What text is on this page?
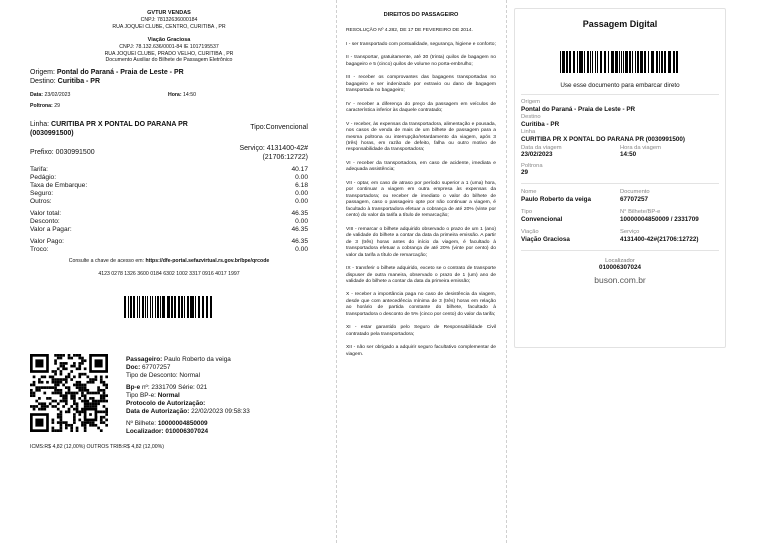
GVTUR VENDAS
CNPJ: 78132636000184
RUA JOQUEI CLUBE, CENTRO, CURITIBA , PR
Viação Graciosa
CNPJ: 78.132.636/0001-84 IE 1017195537
RUA JOQUEI CLUBE, PRADO VELHO, CURITIBA , PR
Documento Auxiliar do Bilhete de Passagem Eletrônico
Origem: Pontal do Paraná - Praia de Leste - PR
Destino: Curitiba - PR
Data: 23/02/2023	Hora: 14:50
Poltrona: 29
Linha: CURITIBA PR X PONTAL DO PARANA PR (0030991500)
Tipo:Convencional
Prefixo: 0030991500
Serviço: 4131400-42#
(21706:12722)
Tarifa:	40.17
Pedágio:	0.00
Taxa de Embarque:	6.18
Seguro:	0.00
Outros:	0.00
Valor total:	46.35
Desconto:	0.00
Valor a Pagar:	46.35
Valor Pago:	46.35
Troco:	0.00
Consulte a chave de acesso em: https://dfe-portal.sefazvirtual.rs.gov.br/bpe/qrcode
4123 0278 1326 3600 0184 6302 1002 3317 0916 4017 1997
Passageiro: Paulo Roberto da veiga
Doc: 67707257
Tipo de Desconto: Normal
Bp-e nº: 2331709 Série: 021
Tipo BP-e: Normal
Protocolo de Autorização:
Data de Autorização: 22/02/2023 09:58:33
Nº Bilhete: 10000004850009
Localizador: 010006307024
ICMS:R$ 4,82 (12,00%) OUTROS TRIB:R$ 4,82 (12,00%)
DIREITOS DO PASSAGEIRO
RESOLUÇÃO Nº 4.282, DE 17 DE FEVEREIRO DE 2014.
I - ser transportado com pontualidade, segurança, higiene e conforto;
II - transportar, gratuitamente, até 30 (trinta) quilos de bagagem no bagageiro e 5 (cinco) quilos de volume no porta-embrulho;
III - receber os comprovantes das bagagens transportadas no bagageiro e ser indenizado por extravio ou dano de bagagem transportada no bagageiro;
IV - receber a diferença do preço da passagem em veículos de característica inferior às daquele contratado;
V - receber, às expensas da transportadora, alimentação e pousada, nos casos de venda de mais de um bilhete de passagem para a mesma poltrona ou interrupção/retardamento da viagem, após 3 (três) horas, em razão de defeito, falha ou outro motivo de responsabilidade da transportadora;
VI - receber da transportadora, em caso de acidente, imediata e adequada assistência;
VII - optar, em caso de atraso por período superior a 1 (uma) hora, por continuar a viagem em outra empresa às expensas da transportadora; ou receber de imediato o valor do bilhete de passagem, caso o passageiro opte por não continuar a viagem, é facultado à transportadora efetuar a cobrança de até 20% (vinte por cento) do valor da tarifa a título de remarcação;
VIII - remarcar o bilhete adquirido observado o prazo de um 1 (ano) de validade do bilhete a contar da data da primeira emissão. A partir de 3 (três) horas antes do início da viagem, é facultado à transportadora efetuar a cobrança de até 20% (vinte por cento) do valor da tarifa a título de remarcação;
IX - transferir o bilhete adquirido, exceto se o contrato de transporte dispuser de outra maneira, observado o prazo de 1 (um) ano de validade do bilhete a contar da data da primeira emissão;
X - receber a importância paga no caso de desistência da viagem, desde que com antecedência mínima de 3 (três) horas em relação ao horário de partida constante do bilhete, facultado à transportadora o desconto de 5% (cinco por cento) do valor da tarifa;
XI - estar garantido pelo Seguro de Responsabilidade Civil contratado pela transportadora;
XII - não ser obrigado a adquirir seguro facultativo complementar de viagem.
Passagem Digital
Use esse documento para embarcar direto
Origem
Pontal do Paraná - Praia de Leste - PR
Destino
Curitiba - PR
Linha
CURITIBA PR X PONTAL DO PARANA PR (0030991500)
Data da viagem
23/02/2023
Hora da viagem
14:50
Poltrona
29
Nome
Paulo Roberto da veiga
Documento
67707257
Tipo
Convencional
N° Bilhete/BP-e
10000004850009 / 2331709
Viação
Viação Graciosa
Serviço
4131400-42#(21706:12722)
Localizador
010006307024
buson.com.br
